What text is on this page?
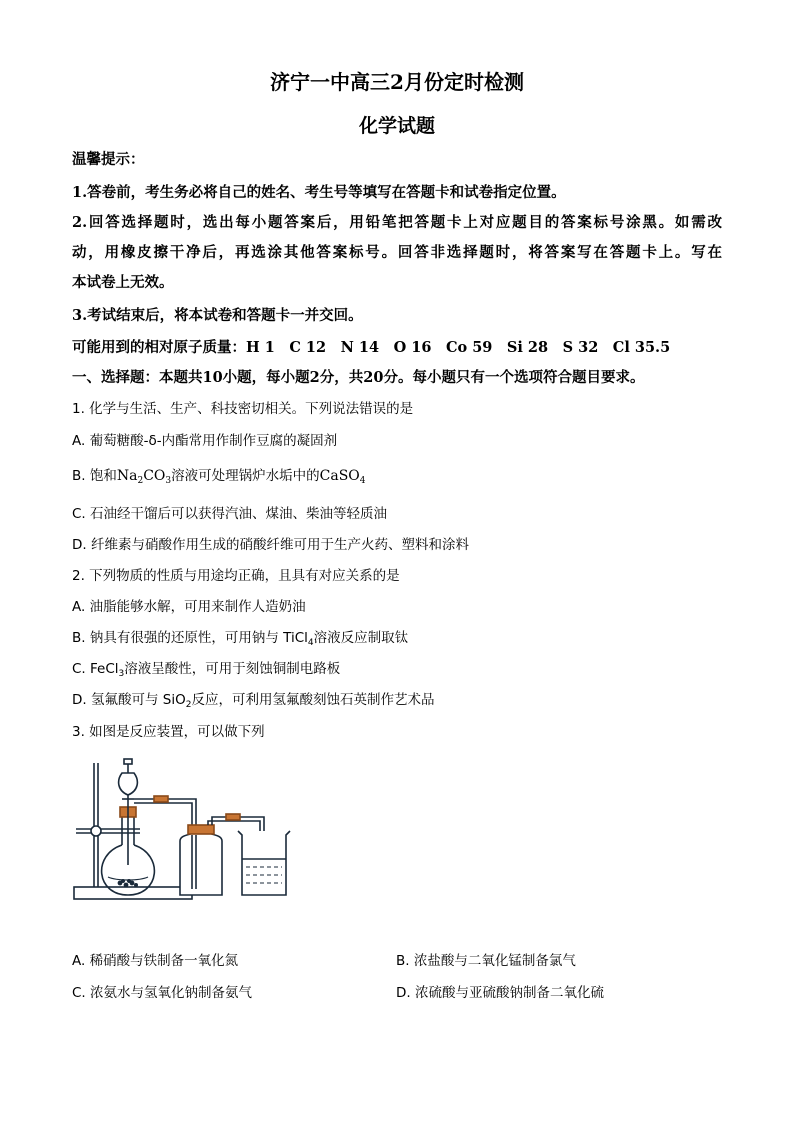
济宁一中高三2月份定时检测
化学试题
温馨提示：
1.答卷前，考生务必将自己的姓名、考生号等填写在答题卡和试卷指定位置。
2.回答选择题时，选出每小题答案后，用铅笔把答题卡上对应题目的答案标号涂黑。如需改
动，用橡皮擦干净后，再选涂其他答案标号。回答非选择题时，将答案写在答题卡上。写在
本试卷上无效。
3.考试结束后，将本试卷和答题卡一并交回。
可能用到的相对原子质量：H 1　C 12　N 14　O 16　Co 59　Si 28　S 32　Cl 35.5
一、选择题：本题共10小题，每小题2分，共20分。每小题只有一个选项符合题目要求。
1. 化学与生活、生产、科技密切相关。下列说法错误的是
A. 葡萄糖酸-δ-内酯常用作制作豆腐的凝固剂
B. 饱和$Na_2CO_3$溶液可处理锅炉水垢中的CaSO$_4$
C. 石油经干馏后可以获得汽油、煤油、柴油等轻质油
D. 纤维素与硝酸作用生成的硝酸纤维可用于生产火药、塑料和涂料
2. 下列物质的性质与用途均正确，且具有对应关系的是
A. 油脂能够水解，可用来制作人造奶油
B. 钠具有很强的还原性，可用钠与 TiCl$_4$溶液反应制取钛
C. FeCl$_3$溶液呈酸性，可用于刻蚀铜制电路板
D. 氢氟酸可与 SiO$_2$反应，可利用氢氟酸刻蚀石英制作艺术品
3. 如图是反应装置，可以做下列
A. 稀硝酸与铁制备一氧化氮	B. 浓盐酸与二氧化锰制备氯气
C. 浓氨水与氢氧化钠制备氨气	D. 浓硫酸与亚硫酸钠制备二氧化硫
